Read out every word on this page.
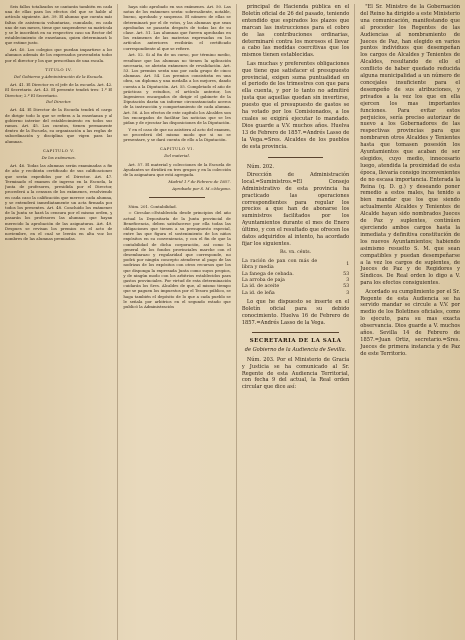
Seis fallos totalizados se cantarán también en cada una de ellas para los efectos del que se hable al artículo siguiente. Art. 39. El alumno que cuenta más faltas de asistencia voluntarias, cumulado, en cada uno de sus meses, tiene que suspenderse su matrícula y se le inscribirá en su respectivo caso un Rector del establecimiento de enseñanza, quien determinará lo que estime justo.

Art. 40. Los colegios que puedan impartirse a los alumnos además de los expresados provendrán todos por el director y los que prescriban de una escala.

TITULO IV.
Del Gobierno y Administración de la Escuela.

Art. 41. El Director es el jefe de la escuela. Art. 42. El Secretario. Art. 43. El presente tendrá tres: 1.º El Director; 2.º El Secretario.

Del Director.

Art. 44. El Director de la Escuela tendrá el cargo de dirigir todo lo que se refiera a la enseñanza y al gobierno interior del establecimiento en todos sus ramos. Art. 45. Los cuentos, tienen permanente dentro de la Escuela, su organización a las reglas de subordinación y disciplina que vigen para las alumnas.

CAPITULO V.
De los exámenes.

Art. 46. Todas las alumnas serán examinadas a fin de año y recibirán certificado de sus calificaciones que serán expedidos por el Director. Art. 47. Terminado el examen de ingreso en la Escuela, la Junta de profesores, presidida por el Director, procederá a la censura de los exámenes, resolviendo en cada caso la calificación que merece cada alumna, y se extenderá inmediatamente un acta firmada por todos los presentes. Art. 48. Concluido los exámenes de la Junta se hará la censura por el mismo orden, y pasarán los profesores las alumnas que hayan merecido la aprobación de las asignaturas. Art. 49. Despues se revisan los premios en el acto de noviembre, en el cual se leerán en alta voz los nombres de las alumnas premiadas.

haya sido aprobado en sus exámenes. Art. 50. Las notas de los exámenes serán: sobresaliente, notable, bueno, aprobado y suspenso. El número de ellas se determinará por el de votos, y las alumnas que sean aprobadas se pasarán después de todas las de su clase. Art. 51. Las alumnas que fueren aprobadas en los exámenes de las materias expresadas en los artículos anteriores recibirán el certificado correspondiente al que se refiere.

Art. 52. Si al fin de un curso, por término medio, resultase que las alumnas no tienen la aplicación necesaria, se abrirán exámenes de revalidación. Art. 53. Los premios serán uno por cada grupo de cinco alumnas. Art. 54. Los premios consistirán en una obra, un diploma y una medalla a los mejores, dando cuenta a la Diputación. Art. 55. Completado el año de prácticas y estudios, el artículo anterior, los Ingenieros encargados de dirigir el gabinete de la Diputación darán un informe circunstanciado acerca de la instrucción y comportamiento de cada alumna. Art. 56. A los efectos de este capítulo los Alcaldes son los encargados de facilitar las noticias que se les pidan y de ejecutar las disposiciones de la Diputación.

Y en el caso de que no asistiera al acto del examen, se procederá del mismo modo que si no se presentare, y se dará cuenta de ello a la Diputación.

CAPITULO VI.
Del material.

Art. 57. El material y colecciones de la Escuela de Ayudantes se dividirá en tres grupos y en la colección de la asignatura que está agregada.

Madrid 1.º de Febrero de 1857.

Aprobado por S. M.=Moyano.

Núm. 201. Contabilidad.

= Circular.=Establecida desde principios del año actual la Depositaría de la Junta provincial de Beneficencia, deben satisfacerse por ella todas las obligaciones que tienen a su presupuesto especial, entre las que figura el sostenimiento de los niños expósitos en su conveniencia, y con el fin de que la contabilidad de dicha corporación, así como la general de los fondos provinciales marche con el desembarazo y regularidad que corresponde, no podrá por ningún concepto atenderse al pago de las nodrizas de los expósitos con otros recursos que los que disponga la expresada Junta como suyos propios, y de ningún modo con los arbitrios establecidos para gastos provinciales. Por virtud de esta determinación cuidarán los Sres. Alcaldes de que, al mismo tiempo que se paguen los impuestos por el Tesoro público, se haga también el depósito de lo que a cada pueblo se le señala por arbitrios en el segundo estado que publicó la Administración

principal de Hacienda pública en el Boletín oficial de 26 del pasado, teniendo entendido que espirados los plazos que marcan las instrucciones para el cobro de las contribuciones ordinarias, determinaré contra los morosos el llevar a cabo las medidas coercitivas que los mismos tienen establecidas.

Las muchas y preferentes obligaciones que tiene que satisfacer el presupuesto provincial, exigen suma puntualidad en el periodo de los trimestres con que para ella cuenta, y por lo tanto no admitiré justa que aquellas quedan sin invertirse, puesto que el presupuesto de gastos se ha votado por los Comisionados, a los cuales se exigirá ejecutar lo mandado. Dios guarde a V.V. muchos años. Huelva 13 de Febrero de 1857.=Andrés Lasso de la Vega.=Sres. Alcaldes de los pueblos de esta provincia.

Núm. 202.

Dirección de Administración local.=Suministros.=El Consejo Administrativo de esta provincia ha practicado las operaciones correspondientes para regular los precios a que han de abonarse los suministros facilitados por los Ayuntamientos durante el mes de Enero último, y con el resultado que ofrecen los datos adquiridos al intento, ha acordado fijar los siguientes.

Rs. vn. cénts.
La ración de pan con más de libra y media	1
La fanega de cebada.	53
La arroba de paja	3
La id. de aceite	53
La id. de leña	3

Lo que he dispuesto se inserte en el Boletín oficial para su debido conocimiento. Huelva 16 de Febrero de 1857.=Andrés Lasso de la Vega.

SECRETARIA DE LA SALA
de Gobierno de la Audiencia de Sevilla.

Núm. 203. Por el Ministerio de Gracia y Justicia se ha comunicado al Sr. Regente de esta Audiencia Territorial, con fecha 9 del actual, la Real orden circular que dice así:

"El Sr. Ministro de la Gobernación del Reino ha dirigido a este Ministerio una comunicación, manifestando que al proceder los Regentes de las Audiencias al nombramiento de Jueces de Paz, han elegido en varios puntos individuos que desempeñan los cargos de Alcaldes y Tenientes de Alcaldes, resultando de ello el conflicto de haber quedado reducida alguna municipalidad a un número de concejales insuficiente para el desempeño de sus atribuciones, y privados a la vez los que en ella ejercen los mas importantes funciones. Para evitar estos perjuicios, sería preciso autorizar de nuevo a los Gobernadores de las respectivas provincias para que nombraren otros Alcaldes y Tenientes hasta que tomasen posesión los Ayuntamientos que acaban de ser elegidos, cuyo medio, innecesario luego, atendida la proximidad de esta época, llevaría consigo inconvenientes de no escasa importancia. Enterada la Reina (q. D. g.) y deseando poner remedio a estos males, ha tenido a bien mandar que los que siendo actualmente Alcaldes y Tenientes de Alcalde hayan sido nombrados Jueces de Paz y suplentes, continúen ejerciendo ambos cargos hasta la inmediata y definitiva constitución de los nuevos Ayuntamientos; habiendo asimismo resuelto S. M. que sean compatibles y puedan desempeñarse a la vez los cargos de suplentes, de Jueces de Paz y de Regidores y Síndicos. De Real orden lo digo a V. para los efectos consiguientes.

Acordado su cumplimiento por el Sr. Regente de esta Audiencia se ha servido mandar se circule a V.V. por medio de los Boletines oficiales, como lo ejecuto, para su mas exacta observancia. Dios guarde a V. muchos años. Sevilla 14 de Febrero de 1857.=Juan Ortiz, secretario.=Sres. Jueces de primera instancia y de Paz de este Territorio.
